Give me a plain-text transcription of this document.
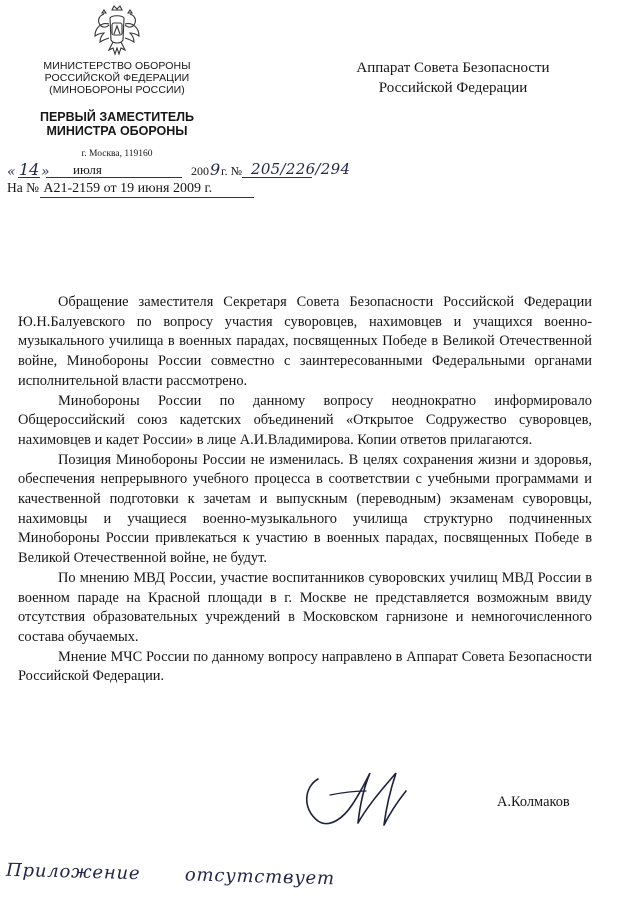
МИНИСТЕРСТВО ОБОРОНЫ
РОССИЙСКОЙ ФЕДЕРАЦИИ
(МИНОБОРОНЫ РОССИИ)
ПЕРВЫЙ ЗАМЕСТИТЕЛЬ
МИНИСТРА ОБОРОНЫ
г. Москва, 119160
« 14 » июля	200 9 г. № 205/226/294
На № А21-2159 от 19 июня 2009 г.
Аппарат Совета Безопасности
Российской Федерации

Обращение заместителя Секретаря Совета Безопасности Российской Федерации Ю.Н.Балуевского по вопросу участия суворовцев, нахимовцев и учащихся военно-музыкального училища в военных парадах, посвященных Победе в Великой Отечественной войне, Минобороны России совместно с заинтересованными Федеральными органами исполнительной власти рассмотрено.

Минобороны России по данному вопросу неоднократно информировало Общероссийский союз кадетских объединений «Открытое Содружество суворовцев, нахимовцев и кадет России» в лице А.И.Владимирова. Копии ответов прилагаются.

Позиция Минобороны России не изменилась. В целях сохранения жизни и здоровья, обеспечения непрерывного учебного процесса в соответствии с учебными программами и качественной подготовки к зачетам и выпускным (переводным) экзаменам суворовцы, нахимовцы и учащиеся военно-музыкального училища структурно подчиненных Минобороны России привлекаться к участию в военных парадах, посвященных Победе в Великой Отечественной войне, не будут.

По мнению МВД России, участие воспитанников суворовских училищ МВД России в военном параде на Красной площади в г. Москве не представляется возможным ввиду отсутствия образовательных учреждений в Московском гарнизоне и немногочисленного состава обучаемых.

Мнение МЧС России по данному вопросу направлено в Аппарат Совета Безопасности Российской Федерации.

А.Колмаков
Приложение отсутствует
